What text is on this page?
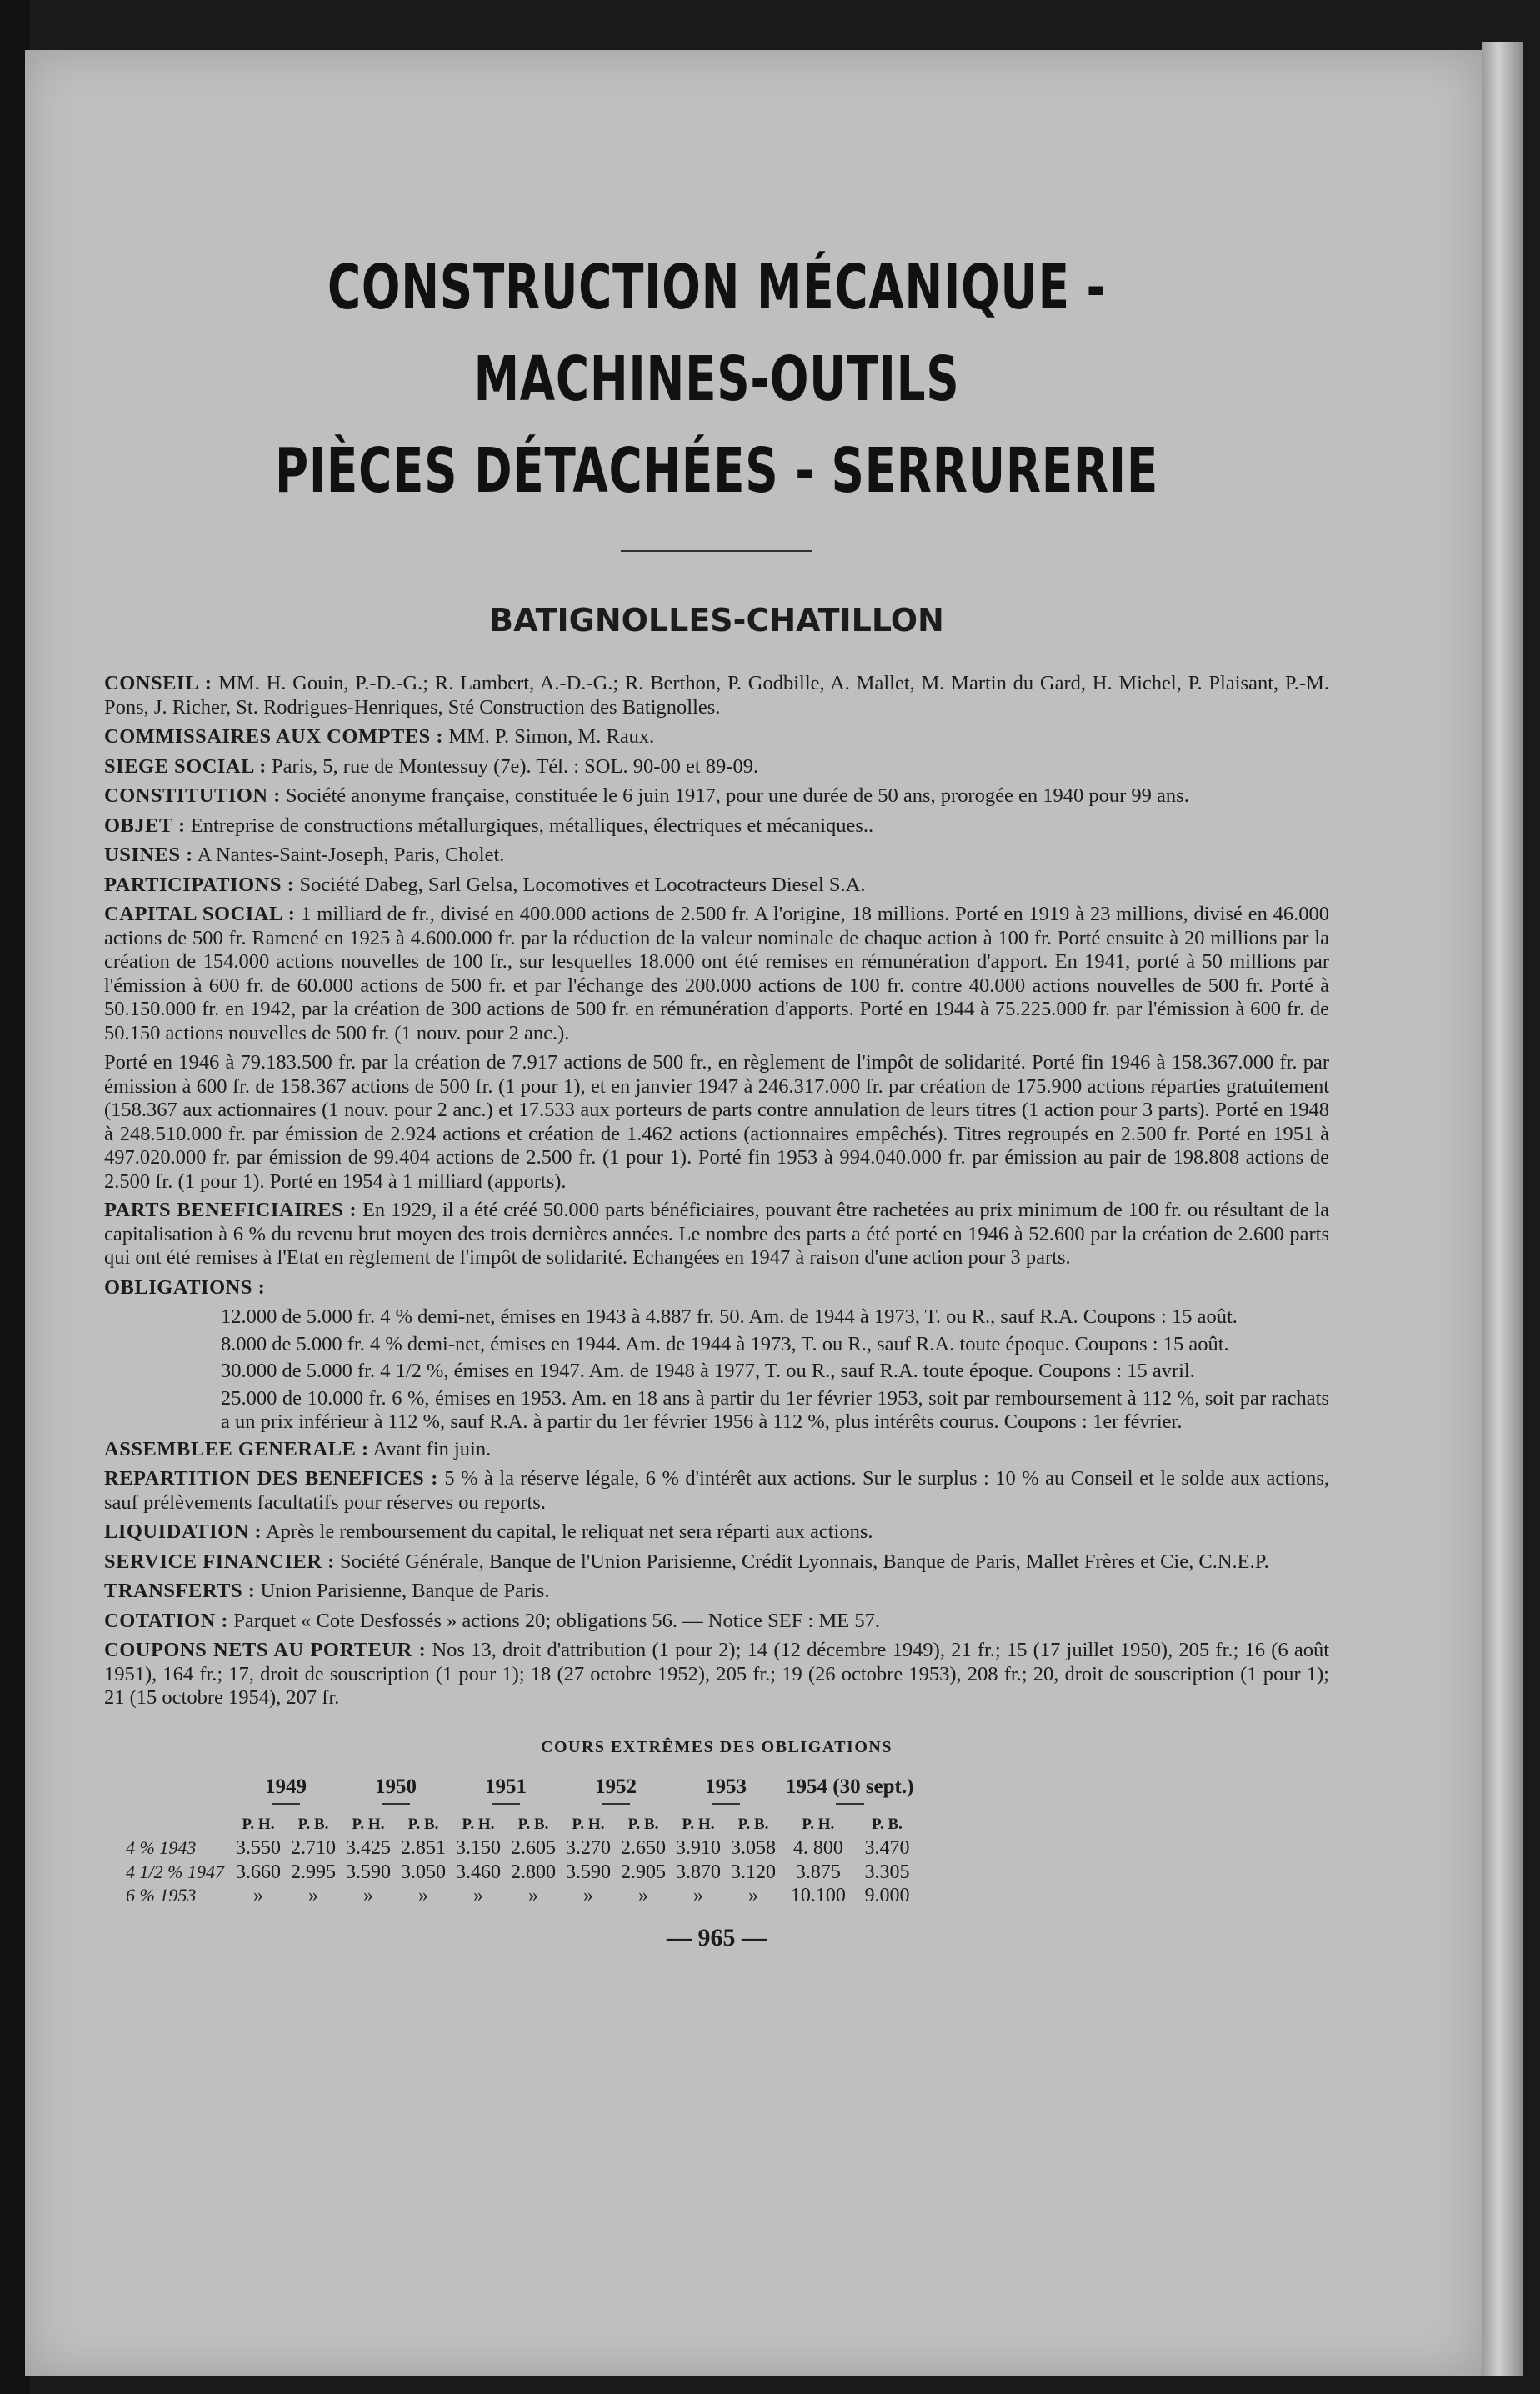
CONSTRUCTION MÉCANIQUE - MACHINES-OUTILS
PIÈCES DÉTACHÉES - SERRURERIE
BATIGNOLLES-CHATILLON
CONSEIL : MM. H. Gouin, P.-D.-G.; R. Lambert, A.-D.-G.; R. Berthon, P. Godbille, A. Mallet, M. Martin du Gard, H. Michel, P. Plaisant, P.-M. Pons, J. Richer, St. Rodrigues-Henriques, Sté Construction des Batignolles.
COMMISSAIRES AUX COMPTES : MM. P. Simon, M. Raux.
SIEGE SOCIAL : Paris, 5, rue de Montessuy (7e). Tél. : SOL. 90-00 et 89-09.
CONSTITUTION : Société anonyme française, constituée le 6 juin 1917, pour une durée de 50 ans, prorogée en 1940 pour 99 ans.
OBJET : Entreprise de constructions métallurgiques, métalliques, électriques et mécaniques..
USINES : A Nantes-Saint-Joseph, Paris, Cholet.
PARTICIPATIONS : Société Dabeg, Sarl Gelsa, Locomotives et Locotracteurs Diesel S.A.
CAPITAL SOCIAL : 1 milliard de fr., divisé en 400.000 actions de 2.500 fr. A l'origine, 18 millions. Porté en 1919 à 23 millions, divisé en 46.000 actions de 500 fr. Ramené en 1925 à 4.600.000 fr. par la réduction de la valeur nominale de chaque action à 100 fr. Porté ensuite à 20 millions par la création de 154.000 actions nouvelles de 100 fr., sur lesquelles 18.000 ont été remises en rémunération d'apport. En 1941, porté à 50 millions par l'émission à 600 fr. de 60.000 actions de 500 fr. et par l'échange des 200.000 actions de 100 fr. contre 40.000 actions nouvelles de 500 fr. Porté à 50.150.000 fr. en 1942, par la création de 300 actions de 500 fr. en rémunération d'apports. Porté en 1944 à 75.225.000 fr. par l'émission à 600 fr. de 50.150 actions nouvelles de 500 fr. (1 nouv. pour 2 anc.).
Porté en 1946 à 79.183.500 fr. par la création de 7.917 actions de 500 fr., en règlement de l'impôt de solidarité. Porté fin 1946 à 158.367.000 fr. par émission à 600 fr. de 158.367 actions de 500 fr. (1 pour 1), et en janvier 1947 à 246.317.000 fr. par création de 175.900 actions réparties gratuitement (158.367 aux actionnaires (1 nouv. pour 2 anc.) et 17.533 aux porteurs de parts contre annulation de leurs titres (1 action pour 3 parts). Porté en 1948 à 248.510.000 fr. par émission de 2.924 actions et création de 1.462 actions (actionnaires empêchés). Titres regroupés en 2.500 fr. Porté en 1951 à 497.020.000 fr. par émission de 99.404 actions de 2.500 fr. (1 pour 1). Porté fin 1953 à 994.040.000 fr. par émission au pair de 198.808 actions de 2.500 fr. (1 pour 1). Porté en 1954 à 1 milliard (apports).
PARTS BENEFICIAIRES : En 1929, il a été créé 50.000 parts bénéficiaires, pouvant être rachetées au prix minimum de 100 fr. ou résultant de la capitalisation à 6 % du revenu brut moyen des trois dernières années. Le nombre des parts a été porté en 1946 à 52.600 par la création de 2.600 parts qui ont été remises à l'Etat en règlement de l'impôt de solidarité. Echangées en 1947 à raison d'une action pour 3 parts.
OBLIGATIONS :
12.000 de 5.000 fr. 4 % demi-net, émises en 1943 à 4.887 fr. 50. Am. de 1944 à 1973, T. ou R., sauf R.A. Coupons : 15 août.
8.000 de 5.000 fr. 4 % demi-net, émises en 1944. Am. de 1944 à 1973, T. ou R., sauf R.A. toute époque. Coupons : 15 août.
30.000 de 5.000 fr. 4 1/2 %, émises en 1947. Am. de 1948 à 1977, T. ou R., sauf R.A. toute époque. Coupons : 15 avril.
25.000 de 10.000 fr. 6 %, émises en 1953. Am. en 18 ans à partir du 1er février 1953, soit par remboursement à 112 %, soit par rachats a un prix inférieur à 112 %, sauf R.A. à partir du 1er février 1956 à 112 %, plus intérêts courus. Coupons : 1er février.
ASSEMBLEE GENERALE : Avant fin juin.
REPARTITION DES BENEFICES : 5 % à la réserve légale, 6 % d'intérêt aux actions. Sur le surplus : 10 % au Conseil et le solde aux actions, sauf prélèvements facultatifs pour réserves ou reports.
LIQUIDATION : Après le remboursement du capital, le reliquat net sera réparti aux actions.
SERVICE FINANCIER : Société Générale, Banque de l'Union Parisienne, Crédit Lyonnais, Banque de Paris, Mallet Frères et Cie, C.N.E.P.
TRANSFERTS : Union Parisienne, Banque de Paris.
COTATION : Parquet « Cote Desfossés » actions 20; obligations 56. — Notice SEF : ME 57.
COUPONS NETS AU PORTEUR : Nos 13, droit d'attribution (1 pour 2); 14 (12 décembre 1949), 21 fr.; 15 (17 juillet 1950), 205 fr.; 16 (6 août 1951), 164 fr.; 17, droit de souscription (1 pour 1); 18 (27 octobre 1952), 205 fr.; 19 (26 octobre 1953), 208 fr.; 20, droit de souscription (1 pour 1); 21 (15 octobre 1954), 207 fr.
COURS EXTRÊMES DES OBLIGATIONS
	1949		1950		1951		1952		1953		1954 (30 sept.)	

	P. H.	P. B.	P. H.	P. B.	P. H.	P. B.	P. H.	P. B.	P. H.	P. B.	P. H.	P. B.
4 % 1943	3.550	2.710	3.425	2.851	3.150	2.605	3.270	2.650	3.910	3.058	4. 800	3.470
4 1/2 % 1947	3.660	2.995	3.590	3.050	3.460	2.800	3.590	2.905	3.870	3.120	3.875	3.305
6 % 1953	»	»	»	»	»	»	»	»	»	»	10.100	9.000
— 965 —
